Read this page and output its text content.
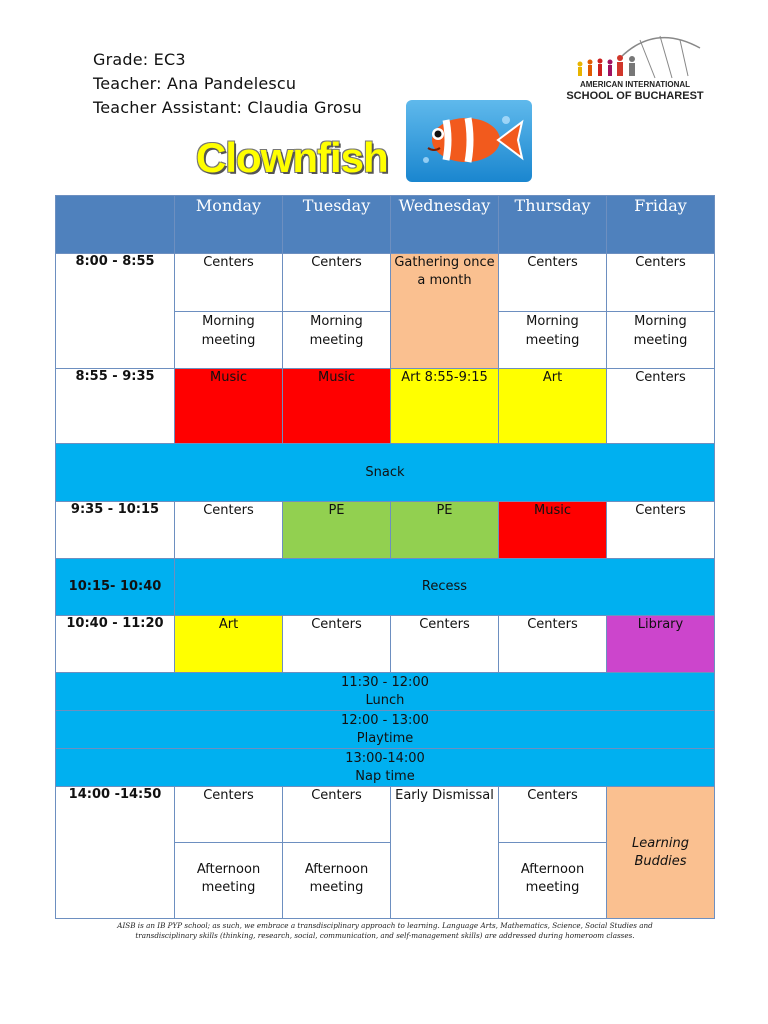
Grade: EC3
Teacher: Ana Pandelescu
Teacher Assistant: Claudia Grosu
AMERICAN INTERNATIONAL
SCHOOL OF BUCHAREST
Clownfish
	Monday	Tuesday	Wednesday	Thursday	Friday
8:00 - 8:55	Centers	Centers	Gathering once a month	Centers	Centers
	Morning meeting	Morning meeting		Morning meeting	Morning meeting
8:55 - 9:35	Music	Music	Art 8:55-9:15	Art	Centers
Snack					
9:35 - 10:15	Centers	PE	PE	Music	Centers
10:15- 10:40	Recess				
10:40 - 11:20	Art	Centers	Centers	Centers	Library

11:30 - 12:00
Lunch					

12:00 - 13:00
Playtime					

13:00-14:00
Nap time					

14:00 -14:50	Centers	Centers	Early Dismissal	Centers	Learning Buddies
	Afternoon meeting	Afternoon meeting		Afternoon meeting	
AISB is an IB PYP school; as such, we embrace a transdisciplinary approach to learning. Language Arts, Mathematics, Science, Social Studies and transdisciplinary skills (thinking, research, social, communication, and self-management skills) are addressed during homeroom classes.
